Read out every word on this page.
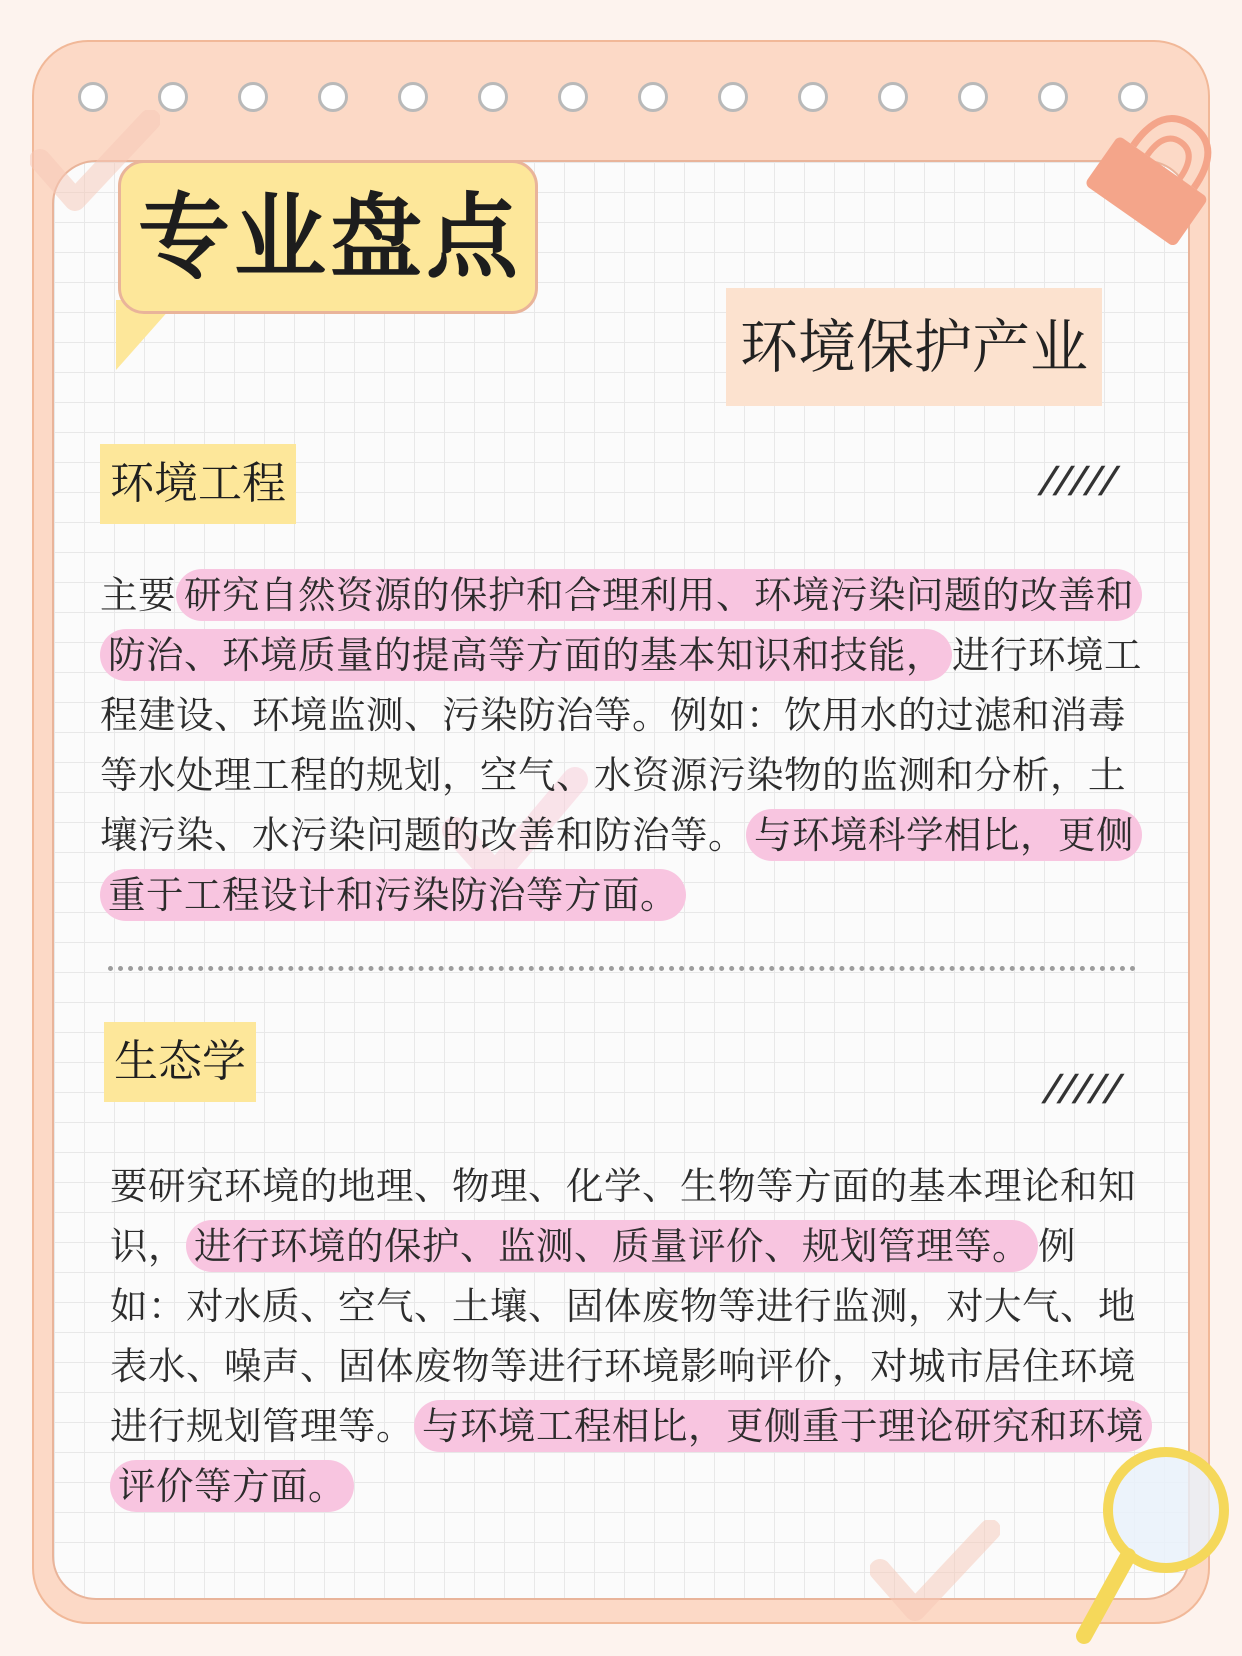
专业盘点
环境保护产业
环境工程	/////
主要 研究自然资源的保护和合理利用、环境污染问题的改善和防治、环境质量的提高等方面的基本知识和技能， 进行环境工程建设、环境监测、污染防治等。例如：饮用水的过滤和消毒等水处理工程的规划，空气、水资源污染物的监测和分析，土壤污染、水污染问题的改善和防治等。 与环境科学相比，更侧重于工程设计和污染防治等方面。
生态学
/////
要研究环境的地理、物理、化学、生物等方面的基本理论和知识， 进行环境的保护、监测、质量评价、规划管理等。 例如：对水质、空气、土壤、固体废物等进行监测，对大气、地表水、噪声、固体废物等进行环境影响评价，对城市居住环境进行规划管理等。 与环境工程相比，更侧重于理论研究和环境评价等方面。
